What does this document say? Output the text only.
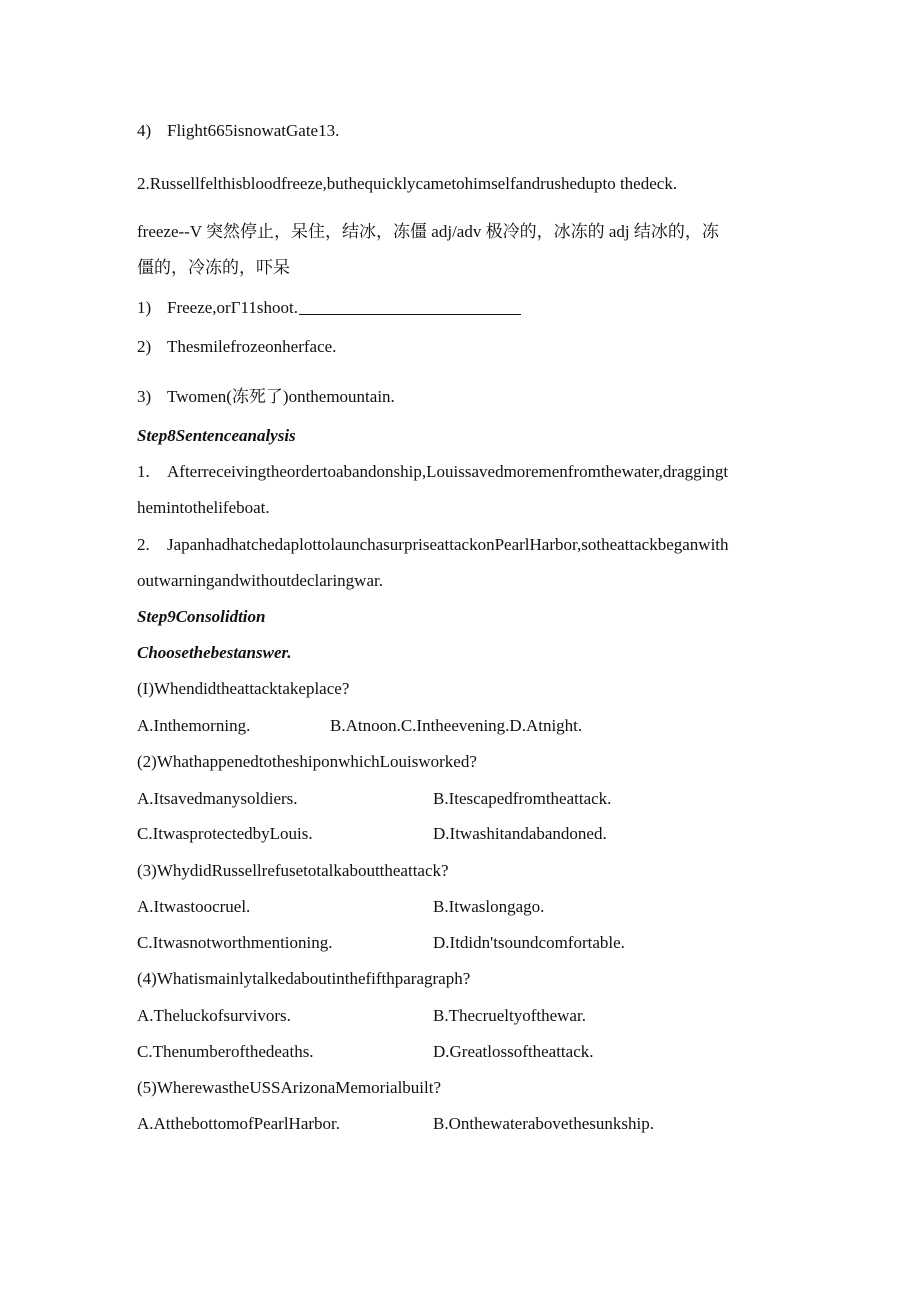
4) Flight665isnowatGate13.
2.Russellfelthisbloodfreeze,buthequicklycametohimselfandrushedupto thedeck.
freeze--V 突然停止，呆住，结冰，冻僵 adj/adv 极冷的，冰冻的 adj 结冰的，冻
僵的，冷冻的，吓呆
1) Freeze,orΓ11shoot.
2) Thesmilefrozeonherface.
3) Twomen(冻死了)onthemountain.
Step8Sentenceanalysis
1. Afterreceivingtheordertoabandonship,Louissavedmoremenfromthewater,draggingt
hemintothelifeboat.
2. JapanhadhatchedaplottolaunchasurpriseattackonPearlHarbor,sotheattackbeganwith
outwarningandwithoutdeclaringwar.
Step9Consolidtion
Choosethebestanswer.
(I)Whendidtheattacktakeplace?
A.Inthemorning.	B.Atnoon.C.Intheevening.D.Atnight.
(2)WhathappenedtotheshiponwhichLouisworked?
A.Itsavedmanysoldiers.	B.Itescapedfromtheattack.
C.ItwasprotectedbyLouis.	D.Itwashitandabandoned.
(3)WhydidRussellrefusetotalkabouttheattack?
A.Itwastoocruel.	B.Itwaslongago.
C.Itwasnotworthmentioning.	D.Itdidn'tsoundcomfortable.
(4)Whatismainlytalkedaboutinthefifthparagraph?
A.Theluckofsurvivors.	B.Thecrueltyofthewar.
C.Thenumberofthedeaths.	D.Greatlossoftheattack.
(5)WherewastheUSSArizonaMemorialbuilt?
A.AtthebottomofPearlHarbor.	B.Onthewaterabovethesunkship.
